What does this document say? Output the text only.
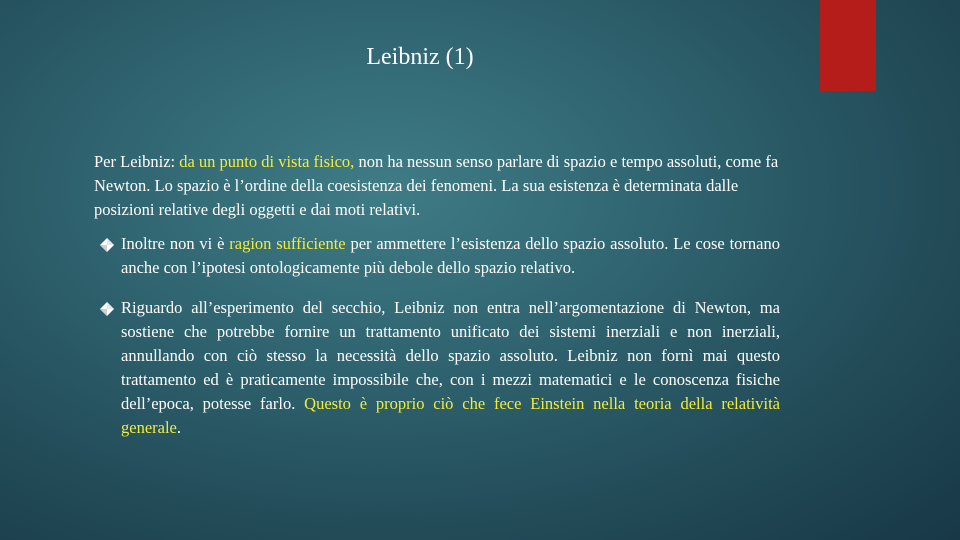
Leibniz (1)

Per Leibniz: da un punto di vista fisico, non ha nessun senso parlare di spazio e tempo assoluti, come fa Newton. Lo spazio è l’ordine della coesistenza dei fenomeni. La sua esistenza è determinata dalle posizioni relative degli oggetti e dai moti relativi.

Inoltre non vi è ragion sufficiente per ammettere l’esistenza dello spazio assoluto. Le cose tornano anche con l’ipotesi ontologicamente più debole dello spazio relativo.
Riguardo all’esperimento del secchio, Leibniz non entra nell’argomentazione di Newton, ma sostiene che potrebbe fornire un trattamento unificato dei sistemi inerziali e non inerziali, annullando con ciò stesso la necessità dello spazio assoluto. Leibniz non fornì mai questo trattamento ed è praticamente impossibile che, con i mezzi matematici e le conoscenza fisiche dell’epoca, potesse farlo. Questo è proprio ciò che fece Einstein nella teoria della relatività generale.
